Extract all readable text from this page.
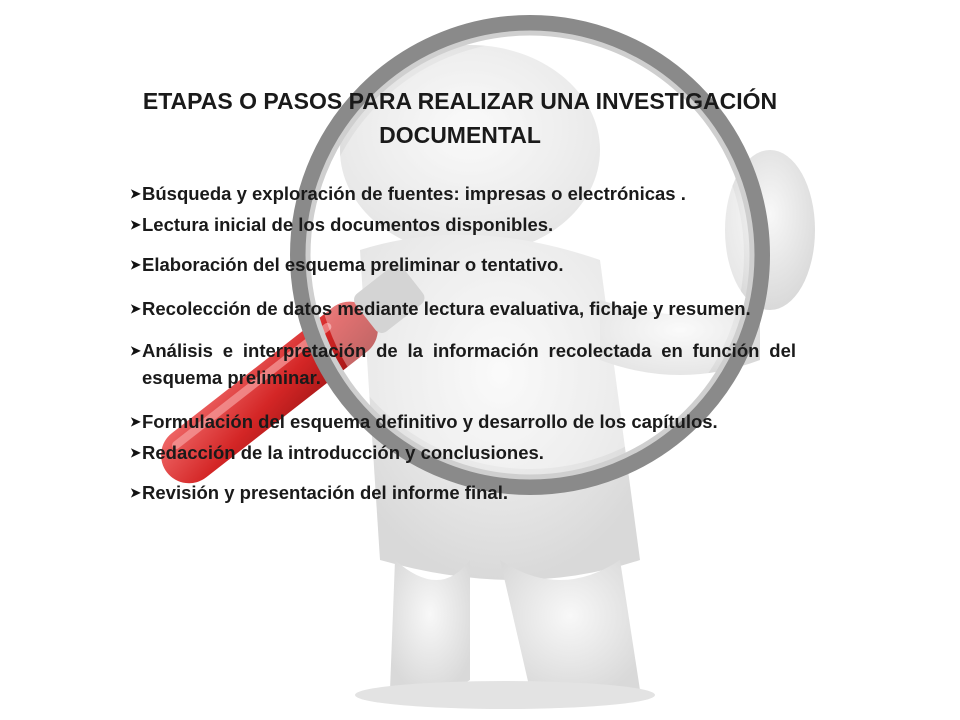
ETAPAS O PASOS PARA REALIZAR UNA INVESTIGACIÓN
DOCUMENTAL
➤ Búsqueda y exploración de fuentes: impresas o electrónicas .
➤ Lectura inicial de los documentos disponibles.
➤ Elaboración del esquema preliminar o tentativo.
➤ Recolección de datos mediante lectura evaluativa, fichaje y resumen.
➤ Análisis e interpretación de la información recolectada en función del esquema preliminar.
➤ Formulación del esquema definitivo y desarrollo de los capítulos.
➤ Redacción de la introducción y conclusiones.
➤ Revisión y presentación del informe final.
